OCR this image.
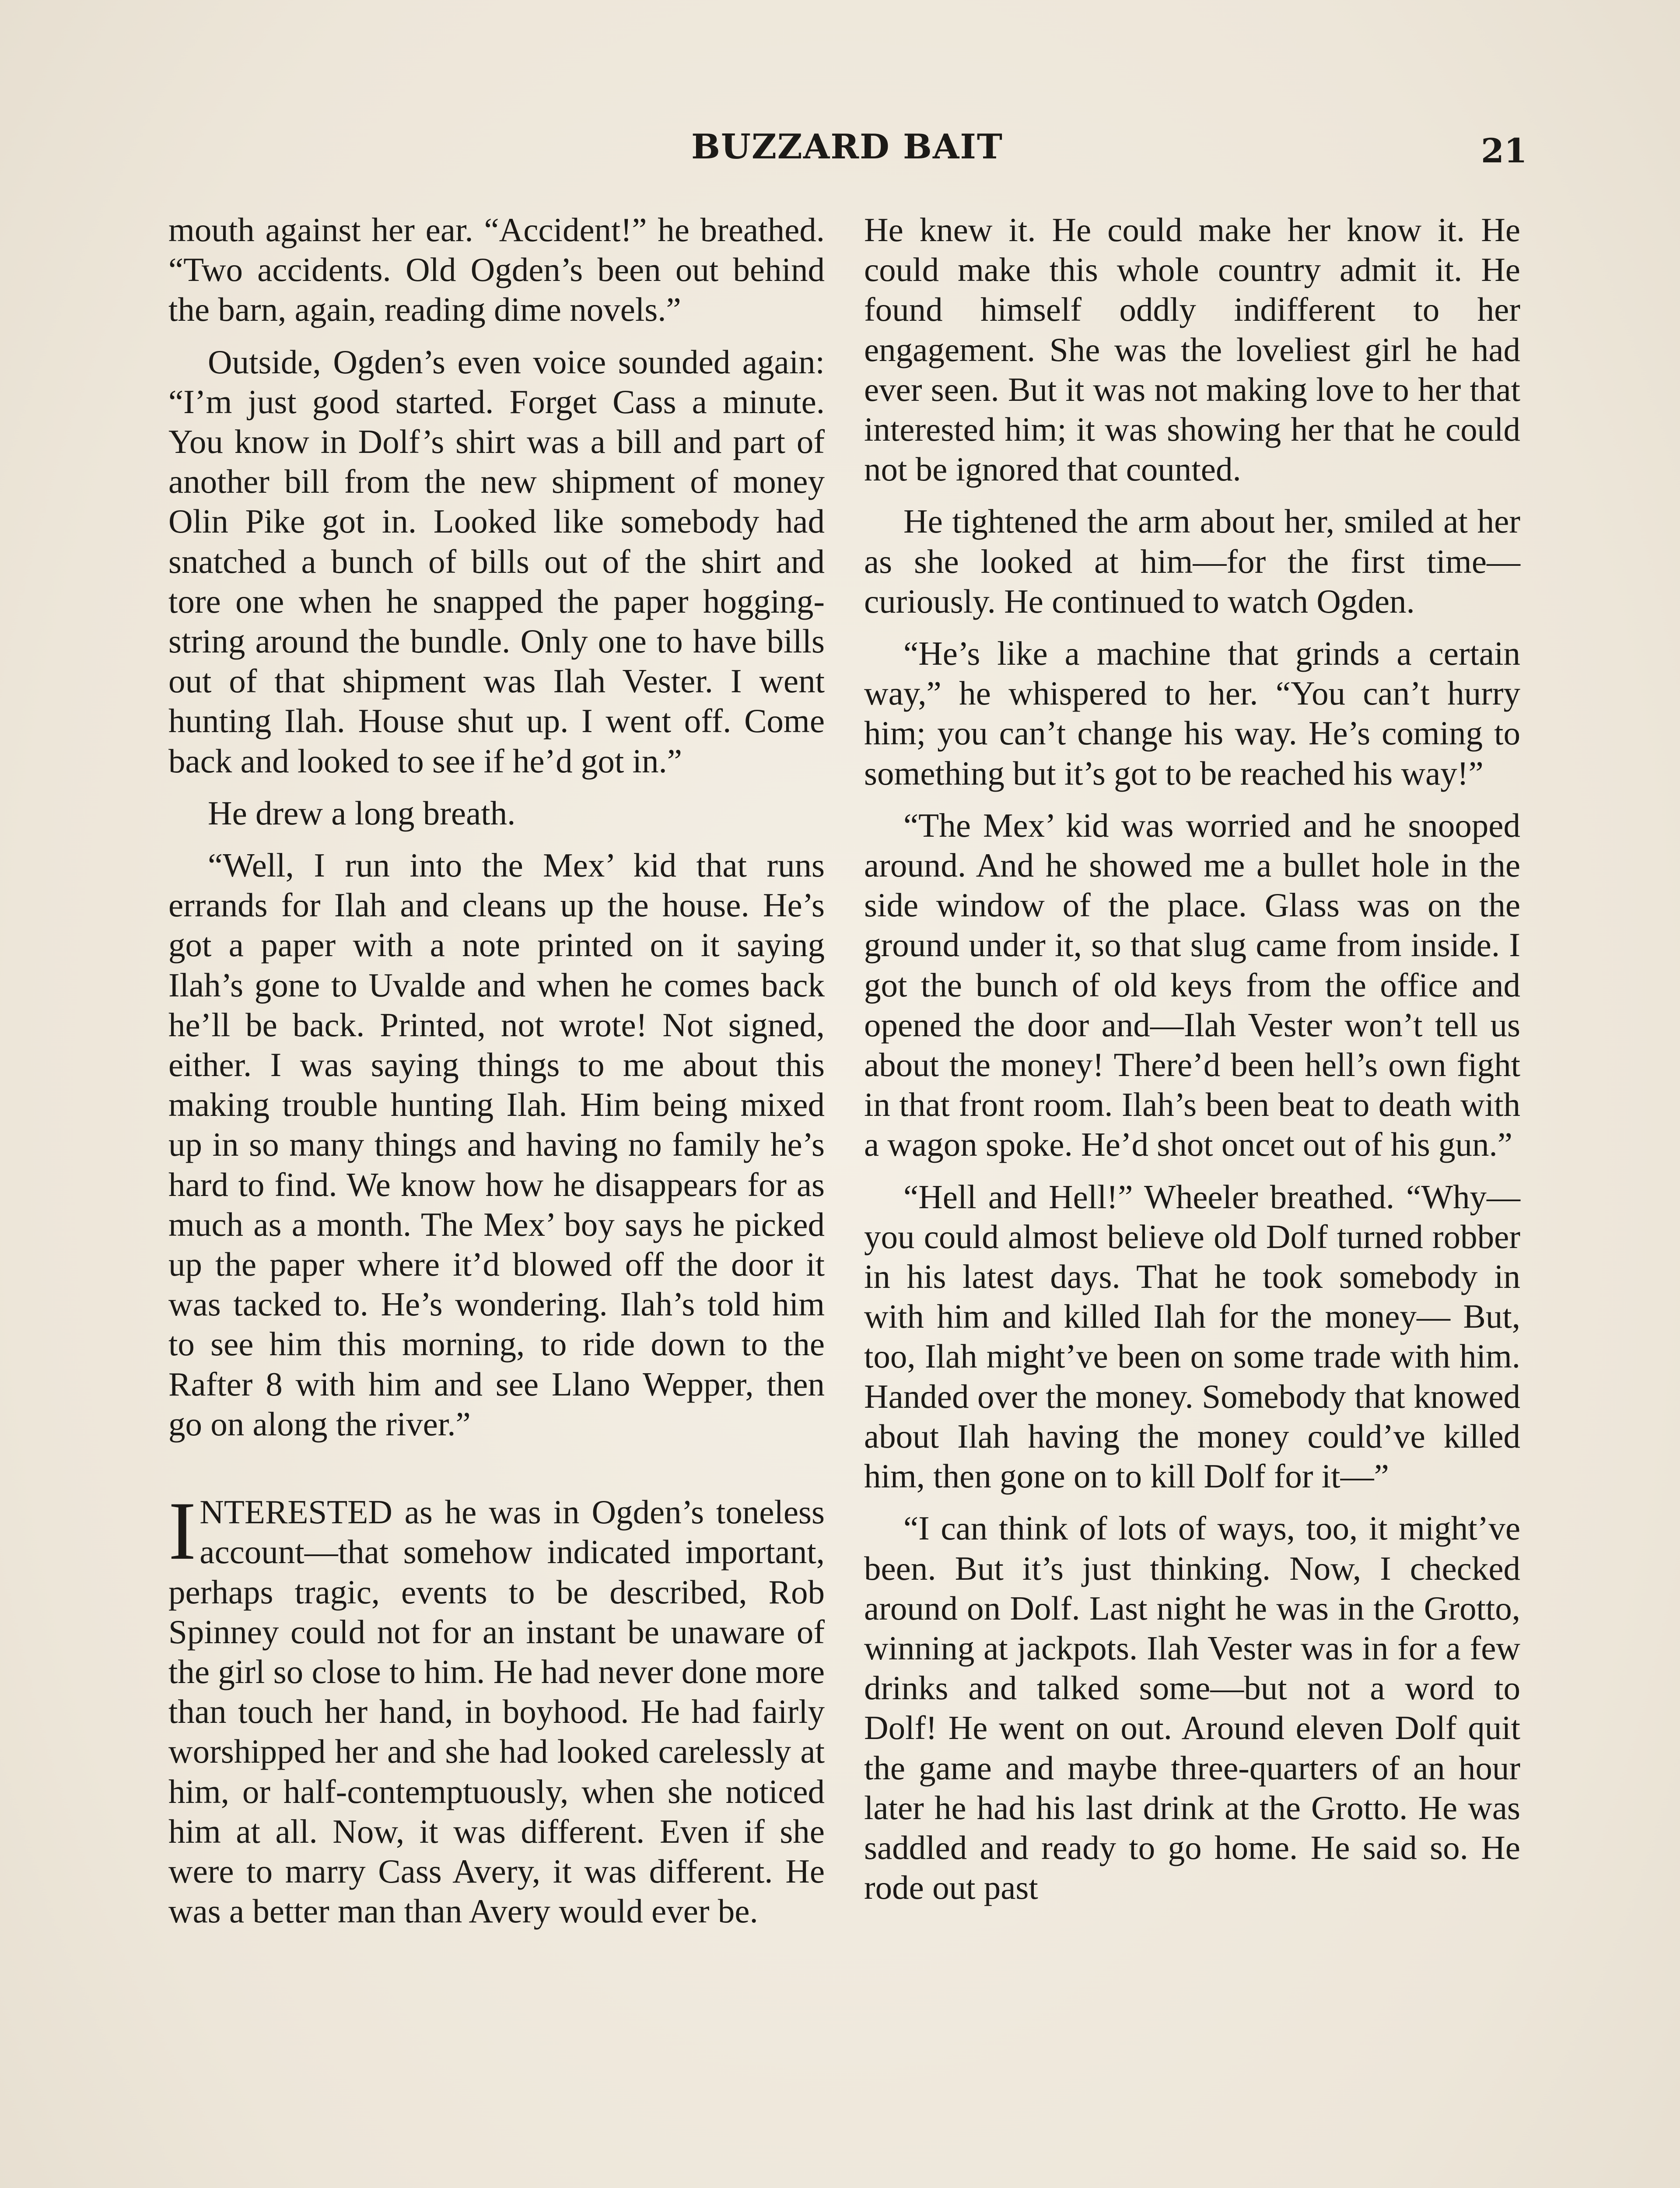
BUZZARD BAIT	21

mouth against her ear. “Accident!” he breathed. “Two accidents. Old Ogden’s been out behind the barn, again, reading dime novels.”

Outside, Ogden’s even voice sounded again: “I’m just good started. Forget Cass a minute. You know in Dolf’s shirt was a bill and part of another bill from the new shipment of money Olin Pike got in. Looked like somebody had snatched a bunch of bills out of the shirt and tore one when he snapped the paper hogging-string around the bundle. Only one to have bills out of that shipment was Ilah Vester. I went hunting Ilah. House shut up. I went off. Come back and looked to see if he’d got in.”

He drew a long breath.

“Well, I run into the Mex’ kid that runs errands for Ilah and cleans up the house. He’s got a paper with a note printed on it saying Ilah’s gone to Uvalde and when he comes back he’ll be back. Printed, not wrote! Not signed, either. I was saying things to me about this making trouble hunting Ilah. Him being mixed up in so many things and having no family he’s hard to find. We know how he disappears for as much as a month. The Mex’ boy says he picked up the paper where it’d blowed off the door it was tacked to. He’s wondering. Ilah’s told him to see him this morning, to ride down to the Rafter 8 with him and see Llano Wepper, then go on along the river.”

INTERESTED as he was in Ogden’s toneless account—that somehow indicated important, perhaps tragic, events to be described, Rob Spinney could not for an instant be unaware of the girl so close to him. He had never done more than touch her hand, in boyhood. He had fairly worshipped her and she had looked carelessly at him, or half-contemptuously, when she noticed him at all. Now, it was different. Even if she were to marry Cass Avery, it was different. He was a better man than Avery would ever be.

He knew it. He could make her know it. He could make this whole country admit it. He found himself oddly indifferent to her engagement. She was the loveliest girl he had ever seen. But it was not making love to her that interested him; it was showing her that he could not be ignored that counted.

He tightened the arm about her, smiled at her as she looked at him—for the first time—curiously. He continued to watch Ogden.

“He’s like a machine that grinds a certain way,” he whispered to her. “You can’t hurry him; you can’t change his way. He’s coming to something but it’s got to be reached his way!”

“The Mex’ kid was worried and he snooped around. And he showed me a bullet hole in the side window of the place. Glass was on the ground under it, so that slug came from inside. I got the bunch of old keys from the office and opened the door and—Ilah Vester won’t tell us about the money! There’d been hell’s own fight in that front room. Ilah’s been beat to death with a wagon spoke. He’d shot oncet out of his gun.”

“Hell and Hell!” Wheeler breathed. “Why—you could almost believe old Dolf turned robber in his latest days. That he took somebody in with him and killed Ilah for the money— But, too, Ilah might’ve been on some trade with him. Handed over the money. Somebody that knowed about Ilah having the money could’ve killed him, then gone on to kill Dolf for it—”

“I can think of lots of ways, too, it might’ve been. But it’s just thinking. Now, I checked around on Dolf. Last night he was in the Grotto, winning at jackpots. Ilah Vester was in for a few drinks and talked some—but not a word to Dolf! He went on out. Around eleven Dolf quit the game and maybe three-quarters of an hour later he had his last drink at the Grotto. He was saddled and ready to go home. He said so. He rode out past
